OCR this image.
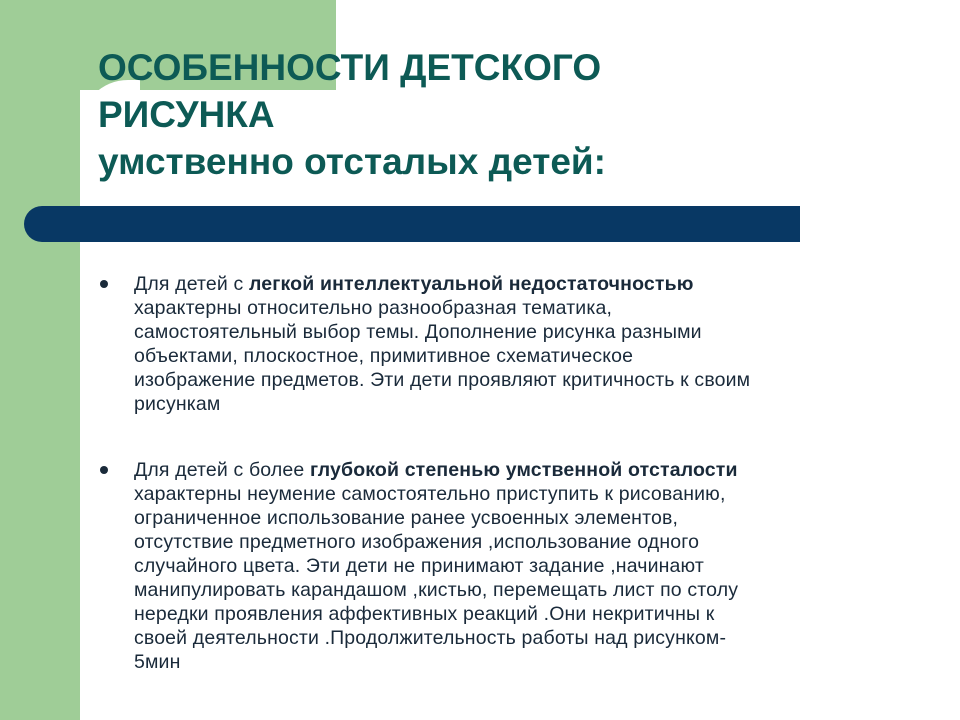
ОСОБЕННОСТИ ДЕТСКОГО
РИСУНКА
умственно отсталых детей:
Для детей с легкой интеллектуальной недостаточностью
характерны относительно разнообразная тематика,
самостоятельный выбор темы. Дополнение рисунка разными
объектами, плоскостное, примитивное схематическое
изображение предметов. Эти дети проявляют критичность к своим
рисункам
Для детей с более глубокой степенью умственной отсталости
характерны неумение самостоятельно приступить к рисованию,
ограниченное использование ранее усвоенных элементов,
отсутствие предметного изображения ,использование одного
случайного цвета. Эти дети не принимают задание ,начинают
манипулировать карандашом ,кистью, перемещать лист по столу
нередки проявления аффективных реакций .Они некритичны к
своей деятельности .Продолжительность работы над рисунком-
5мин
